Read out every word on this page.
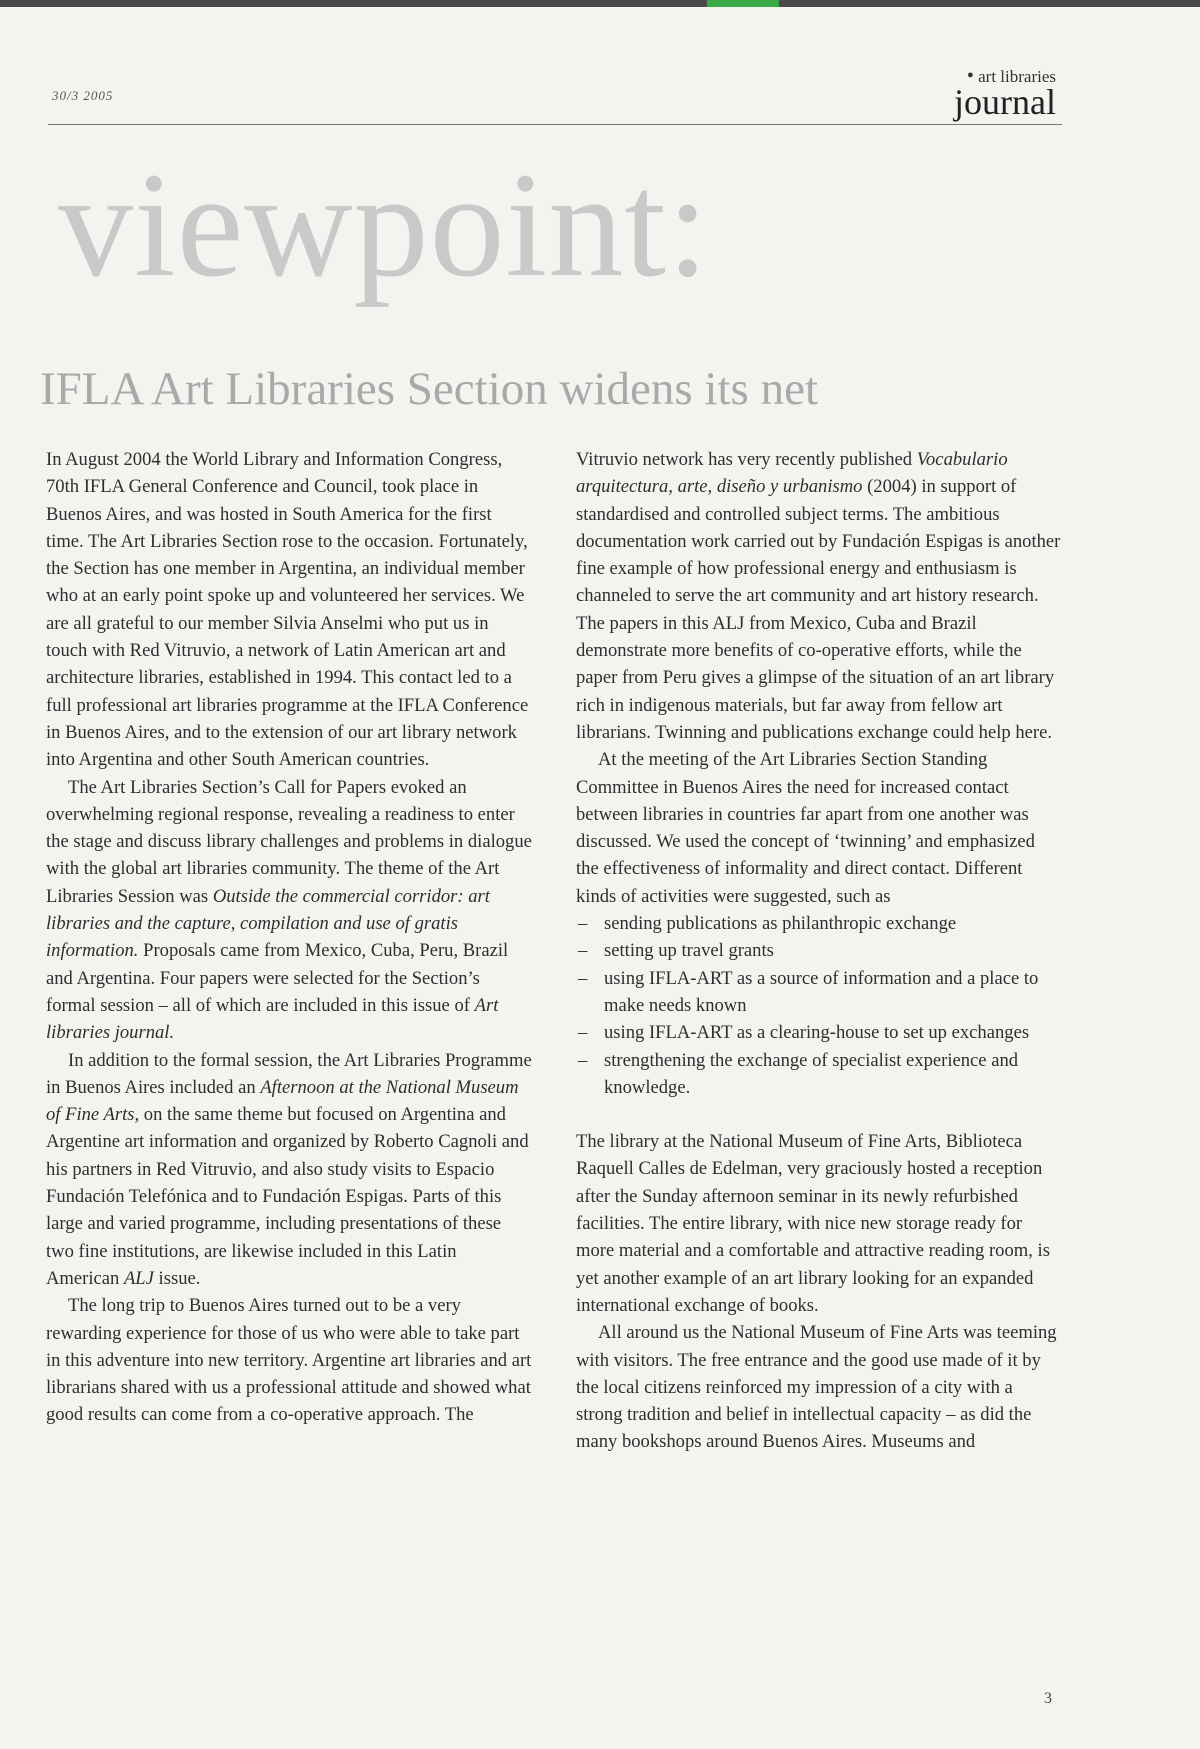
30/3 2005
• art libraries
journal
viewpoint:
IFLA Art Libraries Section widens its net

In August 2004 the World Library and Information Congress, 70th IFLA General Conference and Council, took place in Buenos Aires, and was hosted in South America for the first time. The Art Libraries Section rose to the occasion. Fortunately, the Section has one member in Argentina, an individual member who at an early point spoke up and volunteered her services. We are all grateful to our member Silvia Anselmi who put us in touch with Red Vitruvio, a network of Latin American art and architecture libraries, established in 1994. This contact led to a full professional art libraries programme at the IFLA Conference in Buenos Aires, and to the extension of our art library network into Argentina and other South American countries.

The Art Libraries Section’s Call for Papers evoked an overwhelming regional response, revealing a readiness to enter the stage and discuss library challenges and problems in dialogue with the global art libraries community. The theme of the Art Libraries Session was Outside the commercial corridor: art libraries and the capture, compilation and use of gratis information. Proposals came from Mexico, Cuba, Peru, Brazil and Argentina. Four papers were selected for the Section’s formal session – all of which are included in this issue of Art libraries journal.

In addition to the formal session, the Art Libraries Programme in Buenos Aires included an Afternoon at the National Museum of Fine Arts, on the same theme but focused on Argentina and Argentine art information and organized by Roberto Cagnoli and his partners in Red Vitruvio, and also study visits to Espacio Fundación Telefónica and to Fundación Espigas. Parts of this large and varied programme, including presentations of these two fine institutions, are likewise included in this Latin American ALJ issue.

The long trip to Buenos Aires turned out to be a very rewarding experience for those of us who were able to take part in this adventure into new territory. Argentine art libraries and art librarians shared with us a professional attitude and showed what good results can come from a co-operative approach. The

Vitruvio network has very recently published Vocabulario arquitectura, arte, diseño y urbanismo (2004) in support of standardised and controlled subject terms. The ambitious documentation work carried out by Fundación Espigas is another fine example of how professional energy and enthusiasm is channeled to serve the art community and art history research. The papers in this ALJ from Mexico, Cuba and Brazil demonstrate more benefits of co-operative efforts, while the paper from Peru gives a glimpse of the situation of an art library rich in indigenous materials, but far away from fellow art librarians. Twinning and publications exchange could help here.

At the meeting of the Art Libraries Section Standing Committee in Buenos Aires the need for increased contact between libraries in countries far apart from one another was discussed. We used the concept of ‘twinning’ and emphasized the effectiveness of informality and direct contact. Different kinds of activities were suggested, such as

– sending publications as philanthropic exchange
– setting up travel grants
– using IFLA-ART as a source of information and a place to make needs known
– using IFLA-ART as a clearing-house to set up exchanges
– strengthening the exchange of specialist experience and knowledge.

The library at the National Museum of Fine Arts, Biblioteca Raquell Calles de Edelman, very graciously hosted a reception after the Sunday afternoon seminar in its newly refurbished facilities. The entire library, with nice new storage ready for more material and a comfortable and attractive reading room, is yet another example of an art library looking for an expanded international exchange of books.

All around us the National Museum of Fine Arts was teeming with visitors. The free entrance and the good use made of it by the local citizens reinforced my impression of a city with a strong tradition and belief in intellectual capacity – as did the many bookshops around Buenos Aires. Museums and

3
